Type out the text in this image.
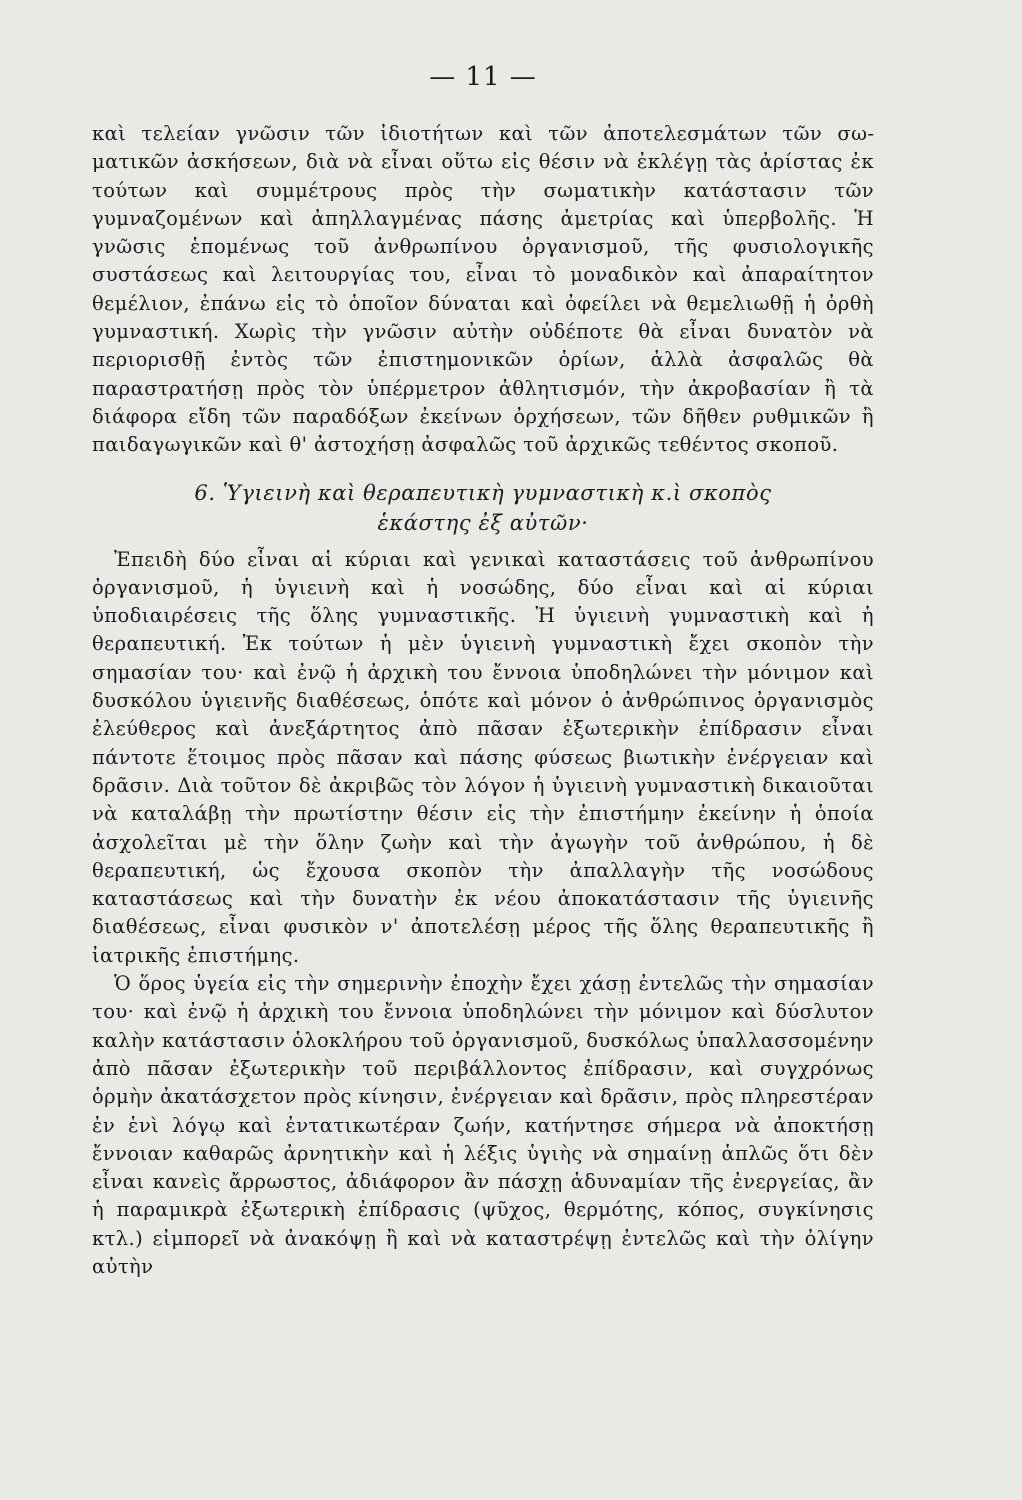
— 11 —

καὶ τελείαν γνῶσιν τῶν ἰδιοτήτων καὶ τῶν ἀποτελεσμάτων τῶν σωματικῶν ἀσκήσεων, διὰ νὰ εἶναι οὕτω εἰς θέσιν νὰ ἐκλέγῃ τὰς ἀρίστας ἐκ τούτων καὶ συμμέτρους πρὸς τὴν σωματικὴν κατάστασιν τῶν γυμναζομένων καὶ ἀπηλλαγμένας πάσης ἀμετρίας καὶ ὑπερβολῆς. Ἡ γνῶσις ἑπομένως τοῦ ἀνθρωπίνου ὀργανισμοῦ, τῆς φυσιολογικῆς συστάσεως καὶ λειτουργίας του, εἶναι τὸ μοναδικὸν καὶ ἀπαραίτητον θεμέλιον, ἐπάνω εἰς τὸ ὁποῖον δύναται καὶ ὀφείλει νὰ θεμελιωθῇ ἡ ὀρθὴ γυμναστική. Χωρὶς τὴν γνῶσιν αὐτὴν οὐδέποτε θὰ εἶναι δυνατὸν νὰ περιορισθῇ ἐντὸς τῶν ἐπιστημονικῶν ὁρίων, ἀλλὰ ἀσφαλῶς θὰ παραστρατήσῃ πρὸς τὸν ὑπέρμετρον ἀθλητισμόν, τὴν ἀκροβασίαν ἢ τὰ διάφορα εἴδη τῶν παραδόξων ἐκείνων ὀρχήσεων, τῶν δῆθεν ρυθμικῶν ἢ παιδαγωγικῶν καὶ θ' ἀστοχήσῃ ἀσφαλῶς τοῦ ἀρχικῶς τεθέντος σκοποῦ.

6. Ὑγιεινὴ καὶ θεραπευτικὴ γυμναστικὴ κ.ὶ σκοπὸς
ἑκάστης ἐξ αὐτῶν·

Ἐπειδὴ δύο εἶναι αἱ κύριαι καὶ γενικαὶ καταστάσεις τοῦ ἀνθρωπίνου ὀργανισμοῦ, ἡ ὑγιεινὴ καὶ ἡ νοσώδης, δύο εἶναι καὶ αἱ κύριαι ὑποδιαιρέσεις τῆς ὅλης γυμναστικῆς. Ἡ ὑγιεινὴ γυμναστικὴ καὶ ἡ θεραπευτική. Ἐκ τούτων ἡ μὲν ὑγιεινὴ γυμναστικὴ ἔχει σκοπὸν τὴν σημασίαν του· καὶ ἐνῷ ἡ ἀρχικὴ του ἔννοια ὑποδηλώνει τὴν μόνιμον καὶ δυσκόλου ὑγιεινῆς διαθέσεως, ὁπότε καὶ μόνον ὁ ἀνθρώπινος ὀργανισμὸς ἐλεύθερος καὶ ἀνεξάρτητος ἀπὸ πᾶσαν ἐξωτερικὴν ἐπίδρασιν εἶναι πάντοτε ἕτοιμος πρὸς πᾶσαν καὶ πάσης φύσεως βιωτικὴν ἐνέργειαν καὶ δρᾶσιν. Διὰ τοῦτον δὲ ἀκριβῶς τὸν λόγον ἡ ὑγιεινὴ γυμναστικὴ δικαιοῦται νὰ καταλάβῃ τὴν πρωτίστην θέσιν εἰς τὴν ἐπιστήμην ἐκείνην ἡ ὁποία ἀσχολεῖται μὲ τὴν ὅλην ζωὴν καὶ τὴν ἀγωγὴν τοῦ ἀνθρώπου, ἡ δὲ θεραπευτική, ὡς ἔχουσα σκοπὸν τὴν ἀπαλλαγὴν τῆς νοσώδους καταστάσεως καὶ τὴν δυνατὴν ἐκ νέου ἀποκατάστασιν τῆς ὑγιεινῆς διαθέσεως, εἶναι φυσικὸν ν' ἀποτελέσῃ μέρος τῆς ὅλης θεραπευτικῆς ἢ ἰατρικῆς ἐπιστήμης.

Ὁ ὅρος ὑγεία εἰς τὴν σημερινὴν ἐποχὴν ἔχει χάσῃ ἐντελῶς τὴν σημασίαν του· καὶ ἐνῷ ἡ ἀρχικὴ του ἔννοια ὑποδηλώνει τὴν μόνιμον καὶ δύσλυτον καλὴν κατάστασιν ὁλοκλήρου τοῦ ὀργανισμοῦ, δυσκόλως ὑπαλλασσομένην ἀπὸ πᾶσαν ἐξωτερικὴν τοῦ περιβάλλοντος ἐπίδρασιν, καὶ συγχρόνως ὁρμὴν ἀκατάσχετον πρὸς κίνησιν, ἐνέργειαν καὶ δρᾶσιν, πρὸς πληρεστέραν ἐν ἑνὶ λόγῳ καὶ ἐντατικωτέραν ζωήν, κατήντησε σήμερα νὰ ἀποκτήσῃ ἔννοιαν καθαρῶς ἀρνητικὴν καὶ ἡ λέξις ὑγιὴς νὰ σημαίνῃ ἁπλῶς ὅτι δὲν εἶναι κανεὶς ἄρρωστος, ἀδιάφορον ἂν πάσχῃ ἀδυναμίαν τῆς ἐνεργείας, ἂν ἡ παραμικρὰ ἐξωτερικὴ ἐπίδρασις (ψῦχος, θερμότης, κόπος, συγκίνησις κτλ.) εἰμπορεῖ νὰ ἀνακόψῃ ἢ καὶ νὰ καταστρέψῃ ἐντελῶς καὶ τὴν ὀλίγην αὐτὴν
